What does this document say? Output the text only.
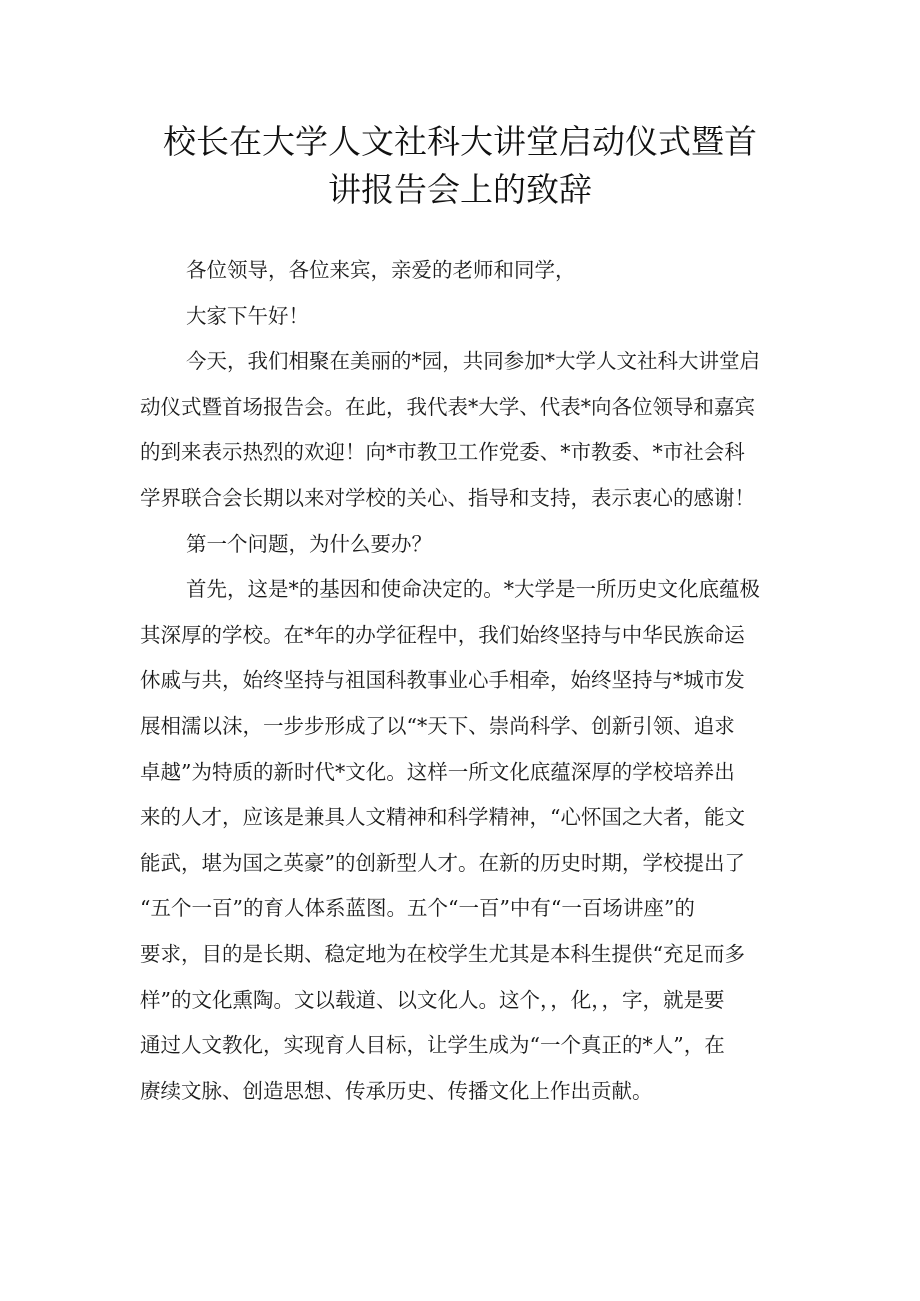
校长在大学人文社科大讲堂启动仪式暨首
讲报告会上的致辞
各位领导，各位来宾，亲爱的老师和同学，
大家下午好！
今天，我们相聚在美丽的*园，共同参加*大学人文社科大讲堂启
动仪式暨首场报告会。在此，我代表*大学、代表*向各位领导和嘉宾
的到来表示热烈的欢迎！向*市教卫工作党委、*市教委、*市社会科
学界联合会长期以来对学校的关心、指导和支持，表示衷心的感谢！
第一个问题，为什么要办？
首先，这是*的基因和使命决定的。*大学是一所历史文化底蕴极
其深厚的学校。在*年的办学征程中，我们始终坚持与中华民族命运
休戚与共，始终坚持与祖国科教事业心手相牵，始终坚持与*城市发
展相濡以沫，一步步形成了以“*天下、崇尚科学、创新引领、追求
卓越”为特质的新时代*文化。这样一所文化底蕴深厚的学校培养出
来的人才，应该是兼具人文精神和科学精神，“心怀国之大者，能文
能武，堪为国之英豪”的创新型人才。在新的历史时期，学校提出了
“五个一百”的育人体系蓝图。五个“一百”中有“一百场讲座”的
要求，目的是长期、稳定地为在校学生尤其是本科生提供“充足而多
样”的文化熏陶。文以载道、以文化人。这个，，化，，字，就是要
通过人文教化，实现育人目标，让学生成为“一个真正的*人”，在
赓续文脉、创造思想、传承历史、传播文化上作出贡献。
